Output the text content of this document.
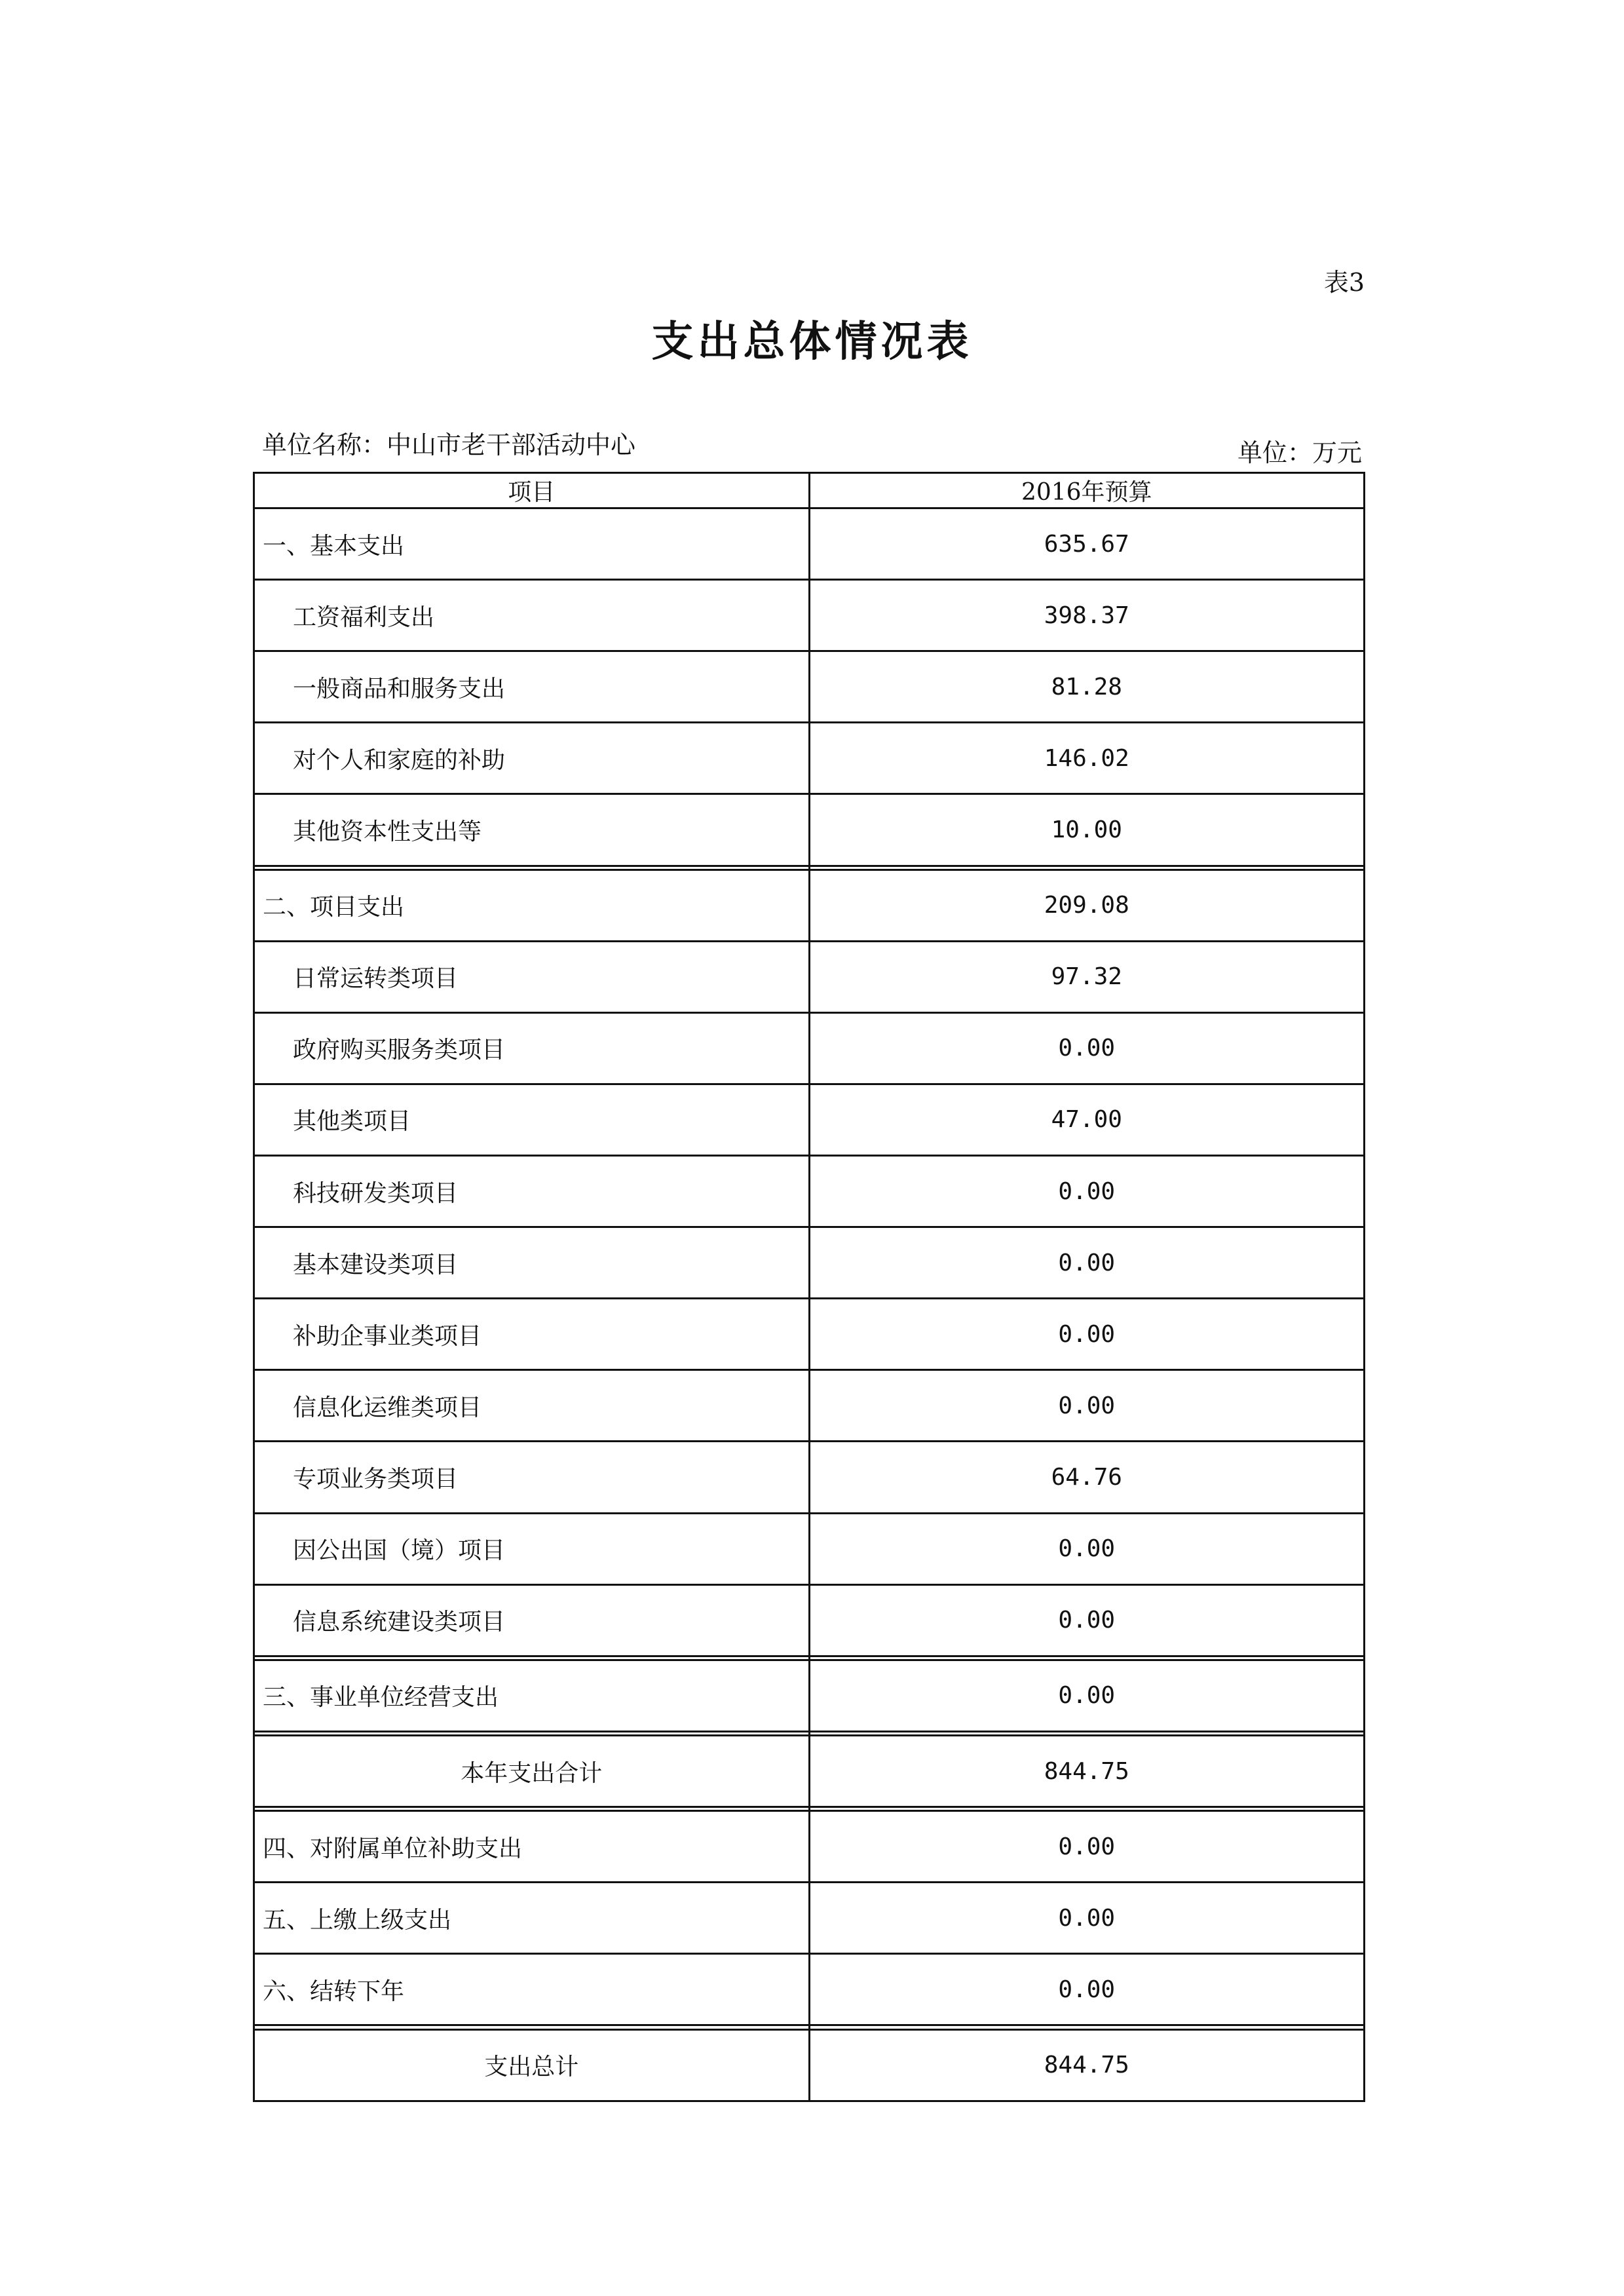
表3
支出总体情况表
单位名称：中山市老干部活动中心	单位：万元
项目	2016年预算
一、基本支出	635.67
工资福利支出	398.37
一般商品和服务支出	81.28
对个人和家庭的补助	146.02
其他资本性支出等	10.00

二、项目支出	209.08
日常运转类项目	97.32
政府购买服务类项目	0.00
其他类项目	47.00
科技研发类项目	0.00
基本建设类项目	0.00
补助企事业类项目	0.00
信息化运维类项目	0.00
专项业务类项目	64.76
因公出国（境）项目	0.00
信息系统建设类项目	0.00

三、事业单位经营支出	0.00

本年支出合计	844.75

四、对附属单位补助支出	0.00
五、上缴上级支出	0.00
六、结转下年	0.00

支出总计	844.75
